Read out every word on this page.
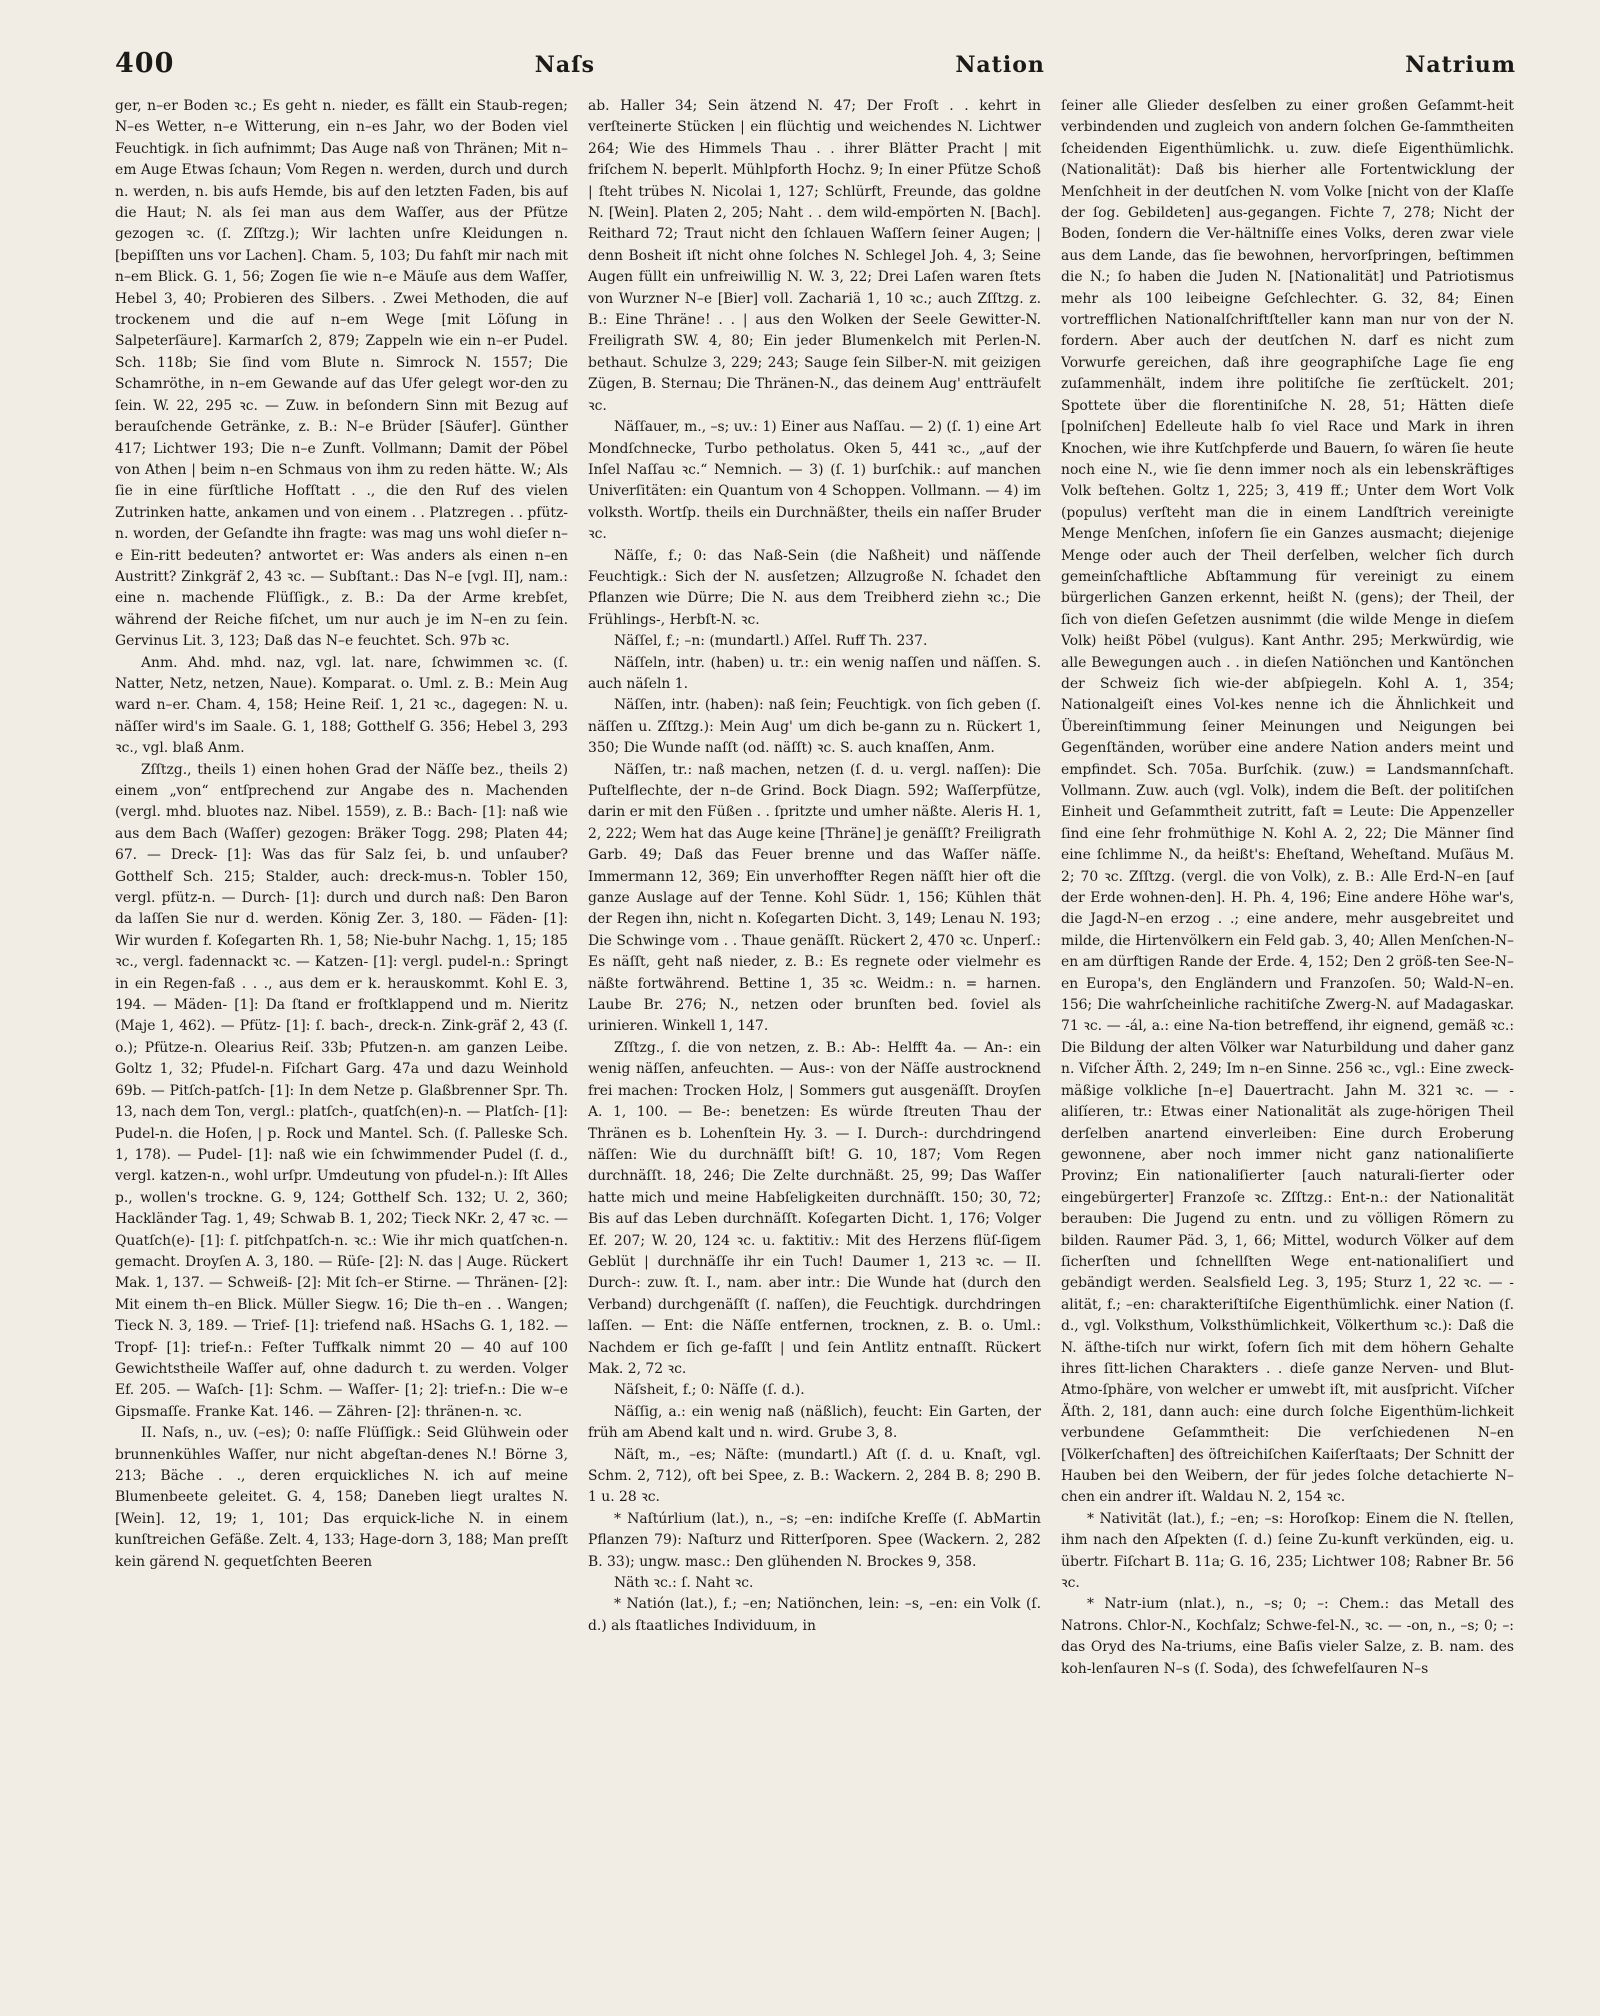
400	Naſs	Nation	Natrium

ger, n–er Boden ꝛc.; Es geht n. nieder, es fällt ein Staub-regen; N–es Wetter, n–e Witterung, ein n–es Jahr, wo der Boden viel Feuchtigk. in ſich aufnimmt; Das Auge naß von Thränen; Mit n–em Auge Etwas ſchaun; Vom Regen n. werden, durch und durch n. werden, n. bis aufs Hemde, bis auf den letzten Faden, bis auf die Haut; N. als ſei man aus dem Waſſer, aus der Pfütze gezogen ꝛc. (ſ. Zſſtzg.); Wir lachten unſre Kleidungen n. [bepiſſten uns vor Lachen]. Cham. 5, 103; Du fahſt mir nach mit n–em Blick. G. 1, 56; Zogen ſie wie n–e Mäuſe aus dem Waſſer, Hebel 3, 40; Probieren des Silbers. . Zwei Methoden, die auf trockenem und die auf n–em Wege [mit Löſung in Salpeterſäure]. Karmarſch 2, 879; Zappeln wie ein n–er Pudel. Sch. 118b; Sie ſind vom Blute n. Simrock N. 1557; Die Schamröthe, in n–em Gewande auf das Ufer gelegt wor-den zu ſein. W. 22, 295 ꝛc. — Zuw. in beſondern Sinn mit Bezug auf berauſchende Getränke, z. B.: N–e Brüder [Säufer]. Günther 417; Lichtwer 193; Die n–e Zunft. Vollmann; Damit der Pöbel von Athen | beim n–en Schmaus von ihm zu reden hätte. W.; Als ſie in eine fürſtliche Hofſtatt . ., die den Ruf des vielen Zutrinken hatte, ankamen und von einem . . Platzregen . . pfütz-n. worden, der Geſandte ihn fragte: was mag uns wohl dieſer n–e Ein-ritt bedeuten? antwortet er: Was anders als einen n–en Austritt? Zinkgräf 2, 43 ꝛc. — Subſtant.: Das N–e [vgl. II], nam.: eine n. machende Flüſſigk., z. B.: Da der Arme krebſet, während der Reiche fiſchet, um nur auch je im N–en zu ſein. Gervinus Lit. 3, 123; Daß das N–e feuchtet. Sch. 97b ꝛc.

Anm. Ahd. mhd. naz, vgl. lat. nare, ſchwimmen ꝛc. (ſ. Natter, Netz, netzen, Naue). Komparat. o. Uml. z. B.: Mein Aug ward n–er. Cham. 4, 158; Heine Reiſ. 1, 21 ꝛc., dagegen: N. u. näſſer wird's im Saale. G. 1, 188; Gotthelf G. 356; Hebel 3, 293 ꝛc., vgl. blaß Anm.

Zſſtzg., theils 1) einen hohen Grad der Näſſe bez., theils 2) einem „von“ entſprechend zur Angabe des n. Machenden (vergl. mhd. bluotes naz. Nibel. 1559), z. B.: Bach- [1]: naß wie aus dem Bach (Waſſer) gezogen: Bräker Togg. 298; Platen 44; 67. — Dreck- [1]: Was das für Salz ſei, b. und unſauber? Gotthelf Sch. 215; Stalder, auch: dreck-mus-n. Tobler 150, vergl. pfütz-n. — Durch- [1]: durch und durch naß: Den Baron da laſſen Sie nur d. werden. König Zer. 3, 180. — Fäden- [1]: Wir wurden f. Koſegarten Rh. 1, 58; Nie-buhr Nachg. 1, 15; 185 ꝛc., vergl. fadennackt ꝛc. — Katzen- [1]: vergl. pudel-n.: Springt in ein Regen-faß . . ., aus dem er k. herauskommt. Kohl E. 3, 194. — Mäden- [1]: Da ſtand er froſtklappend und m. Nieritz (Maje 1, 462). — Pfütz- [1]: ſ. bach-, dreck-n. Zink-gräf 2, 43 (ſ. o.); Pfütze-n. Olearius Reiſ. 33b; Pfutzen-n. am ganzen Leibe. Goltz 1, 32; Pfudel-n. Fiſchart Garg. 47a und dazu Weinhold 69b. — Pitſch-patſch- [1]: In dem Netze p. Glaßbrenner Spr. Th. 13, nach dem Ton, vergl.: platſch-, quatſch(en)-n. — Platſch- [1]: Pudel-n. die Hoſen, | p. Rock und Mantel. Sch. (ſ. Palleske Sch. 1, 178). — Pudel- [1]: naß wie ein ſchwimmender Pudel (ſ. d., vergl. katzen-n., wohl urſpr. Umdeutung von pfudel-n.): Iſt Alles p., wollen's trockne. G. 9, 124; Gotthelf Sch. 132; U. 2, 360; Hackländer Tag. 1, 49; Schwab B. 1, 202; Tieck NKr. 2, 47 ꝛc. — Quatſch(e)- [1]: ſ. pitſchpatſch-n. ꝛc.: Wie ihr mich quatſchen-n. gemacht. Droyſen A. 3, 180. — Rüſe- [2]: N. das | Auge. Rückert Mak. 1, 137. — Schweiß- [2]: Mit ſch–er Stirne. — Thränen- [2]: Mit einem th–en Blick. Müller Siegw. 16; Die th–en . . Wangen; Tieck N. 3, 189. — Trief- [1]: triefend naß. HSachs G. 1, 182. — Tropf- [1]: trief-n.: Feſter Tuffkalk nimmt 20 — 40 auf 100 Gewichtstheile Waſſer auf, ohne dadurch t. zu werden. Volger Ef. 205. — Waſch- [1]: Schm. — Waſſer- [1; 2]: trief-n.: Die w–e Gipsmaſſe. Franke Kat. 146. — Zähren- [2]: thränen-n. ꝛc.

II. Naſs, n., uv. (–es); 0: naſſe Flüſſigk.: Seid Glühwein oder brunnenkühles Waſſer, nur nicht abgeſtan-denes N.! Börne 3, 213; Bäche . ., deren erquickliches N. ich auf meine Blumenbeete geleitet. G. 4, 158; Daneben liegt uraltes N. [Wein]. 12, 19; 1, 101; Das erquick-liche N. in einem kunſtreichen Gefäße. Zelt. 4, 133; Hage-dorn 3, 188; Man preſſt kein gärend N. gequetſchten Beeren

ab. Haller 34; Sein ätzend N. 47; Der Froſt . . kehrt in verſteinerte Stücken | ein flüchtig und weichendes N. Lichtwer 264; Wie des Himmels Thau . . ihrer Blätter Pracht | mit friſchem N. beperlt. Mühlpforth Hochz. 9; In einer Pfütze Schoß | ſteht trübes N. Nicolai 1, 127; Schlürft, Freunde, das goldne N. [Wein]. Platen 2, 205; Naht . . dem wild-empörten N. [Bach]. Reithard 72; Traut nicht den ſchlauen Waſſern ſeiner Augen; | denn Bosheit iſt nicht ohne ſolches N. Schlegel Joh. 4, 3; Seine Augen füllt ein unfreiwillig N. W. 3, 22; Drei Laſen waren ſtets von Wurzner N–e [Bier] voll. Zachariä 1, 10 ꝛc.; auch Zſſtzg. z. B.: Eine Thräne! . . | aus den Wolken der Seele Gewitter-N. Freiligrath SW. 4, 80; Ein jeder Blumenkelch mit Perlen-N. bethaut. Schulze 3, 229; 243; Sauge ſein Silber-N. mit geizigen Zügen, B. Sternau; Die Thränen-N., das deinem Aug' entträufelt ꝛc.

Näſſauer, m., –s; uv.: 1) Einer aus Naſſau. — 2) (ſ. 1) eine Art Mondſchnecke, Turbo petholatus. Oken 5, 441 ꝛc., „auf der Inſel Naſſau ꝛc.“ Nemnich. — 3) (ſ. 1) burſchik.: auf manchen Univerſitäten: ein Quantum von 4 Schoppen. Vollmann. — 4) im volksth. Wortſp. theils ein Durchnäßter, theils ein naſſer Bruder ꝛc.

Näſſe, f.; 0: das Naß-Sein (die Naßheit) und näſſende Feuchtigk.: Sich der N. ausſetzen; Allzugroße N. ſchadet den Pflanzen wie Dürre; Die N. aus dem Treibherd ziehn ꝛc.; Die Frühlings-, Herbſt-N. ꝛc.

Näſſel, f.; –n: (mundartl.) Aſſel. Ruff Th. 237.

Näſſeln, intr. (haben) u. tr.: ein wenig naſſen und näſſen. S. auch näſeln 1.

Näſſen, intr. (haben): naß ſein; Feuchtigk. von ſich geben (ſ. näſſen u. Zſſtzg.): Mein Aug' um dich be-gann zu n. Rückert 1, 350; Die Wunde naſſt (od. näſſt) ꝛc. S. auch knaſſen, Anm.

Näſſen, tr.: naß machen, netzen (ſ. d. u. vergl. naſſen): Die Puſtelflechte, der n–de Grind. Bock Diagn. 592; Waſſerpfütze, darin er mit den Füßen . . ſpritzte und umher näßte. Aleris H. 1, 2, 222; Wem hat das Auge keine [Thräne] je genäſſt? Freiligrath Garb. 49; Daß das Feuer brenne und das Waſſer näſſe. Immermann 12, 369; Ein unverhoffter Regen näſſt hier oft die ganze Auslage auf der Tenne. Kohl Südr. 1, 156; Kühlen thät der Regen ihn, nicht n. Koſegarten Dicht. 3, 149; Lenau N. 193; Die Schwinge vom . . Thaue genäſſt. Rückert 2, 470 ꝛc. Unperſ.: Es näſſt, geht naß nieder, z. B.: Es regnete oder vielmehr es näßte fortwährend. Bettine 1, 35 ꝛc. Weidm.: n. = harnen. Laube Br. 276; N., netzen oder brunſten bed. ſoviel als urinieren. Winkell 1, 147.

Zſſtzg., ſ. die von netzen, z. B.: Ab-: Helfft 4a. — An-: ein wenig näſſen, anfeuchten. — Aus-: von der Näſſe austrocknend frei machen: Trocken Holz, | Sommers gut ausgenäſſt. Droyſen A. 1, 100. — Be-: benetzen: Es würde ſtreuten Thau der Thränen es b. Lohenſtein Hy. 3. — I. Durch-: durchdringend näſſen: Wie du durchnäſſt biſt! G. 10, 187; Vom Regen durchnäſſt. 18, 246; Die Zelte durchnäßt. 25, 99; Das Waſſer hatte mich und meine Habſeligkeiten durchnäſſt. 150; 30, 72; Bis auf das Leben durchnäſſt. Koſegarten Dicht. 1, 176; Volger Ef. 207; W. 20, 124 ꝛc. u. faktitiv.: Mit des Herzens flüſ-ſigem Geblüt | durchnäſſe ihr ein Tuch! Daumer 1, 213 ꝛc. — II. Durch-: zuw. ſt. I., nam. aber intr.: Die Wunde hat (durch den Verband) durchgenäſſt (ſ. naſſen), die Feuchtigk. durchdringen laſſen. — Ent: die Näſſe entfernen, trocknen, z. B. o. Uml.: Nachdem er ſich ge-faſſt | und ſein Antlitz entnaſſt. Rückert Mak. 2, 72 ꝛc.

Näſsheit, f.; 0: Näſſe (ſ. d.).

Näſſig, a.: ein wenig naß (näßlich), feucht: Ein Garten, der früh am Abend kalt und n. wird. Grube 3, 8.

Näſt, m., –es; Näſte: (mundartl.) Aſt (ſ. d. u. Knaſt, vgl. Schm. 2, 712), oft bei Spee, z. B.: Wackern. 2, 284 B. 8; 290 B. 1 u. 28 ꝛc.

* Naſtúrlium (lat.), n., –s; –en: indiſche Kreſſe (ſ. AbMartin Pflanzen 79): Naſturz und Ritterſporen. Spee (Wackern. 2, 282 B. 33); ungw. masc.: Den glühenden N. Brockes 9, 358.

Näth ꝛc.: ſ. Naht ꝛc.

* Natión (lat.), f.; –en; Natiönchen, lein: –s, –en: ein Volk (ſ. d.) als ſtaatliches Individuum, in

ſeiner alle Glieder desſelben zu einer großen Geſammt-heit verbindenden und zugleich von andern ſolchen Ge-ſammtheiten ſcheidenden Eigenthümlichk. u. zuw. dieſe Eigenthümlichk. (Nationalität): Daß bis hierher alle Fortentwicklung der Menſchheit in der deutſchen N. vom Volke [nicht von der Klaſſe der ſog. Gebildeten] aus-gegangen. Fichte 7, 278; Nicht der Boden, ſondern die Ver-hältniſſe eines Volks, deren zwar viele aus dem Lande, das ſie bewohnen, hervorſpringen, beſtimmen die N.; ſo haben die Juden N. [Nationalität] und Patriotismus mehr als 100 leibeigne Geſchlechter. G. 32, 84; Einen vortrefflichen Nationalſchriftſteller kann man nur von der N. fordern. Aber auch der deutſchen N. darf es nicht zum Vorwurfe gereichen, daß ihre geographiſche Lage ſie eng zuſammenhält, indem ihre politiſche ſie zerſtückelt. 201; Spottete über die florentiniſche N. 28, 51; Hätten dieſe [polniſchen] Edelleute halb ſo viel Race und Mark in ihren Knochen, wie ihre Kutſchpferde und Bauern, ſo wären ſie heute noch eine N., wie ſie denn immer noch als ein lebenskräftiges Volk beſtehen. Goltz 1, 225; 3, 419 ff.; Unter dem Wort Volk (populus) verſteht man die in einem Landſtrich vereinigte Menge Menſchen, inſofern ſie ein Ganzes ausmacht; diejenige Menge oder auch der Theil derſelben, welcher ſich durch gemeinſchaftliche Abſtammung für vereinigt zu einem bürgerlichen Ganzen erkennt, heißt N. (gens); der Theil, der ſich von dieſen Geſetzen ausnimmt (die wilde Menge in dieſem Volk) heißt Pöbel (vulgus). Kant Anthr. 295; Merkwürdig, wie alle Bewegungen auch . . in dieſen Natiönchen und Kantönchen der Schweiz ſich wie-der abſpiegeln. Kohl A. 1, 354; Nationalgeiſt eines Vol-kes nenne ich die Ähnlichkeit und Übereinſtimmung ſeiner Meinungen und Neigungen bei Gegenſtänden, worüber eine andere Nation anders meint und empfindet. Sch. 705a. Burſchik. (zuw.) = Landsmannſchaft. Vollmann. Zuw. auch (vgl. Volk), indem die Beſt. der politiſchen Einheit und Geſammtheit zutritt, faſt = Leute: Die Appenzeller ſind eine ſehr frohmüthige N. Kohl A. 2, 22; Die Männer ſind eine ſchlimme N., da heißt's: Eheſtand, Weheſtand. Muſäus M. 2; 70 ꝛc. Zſſtzg. (vergl. die von Volk), z. B.: Alle Erd-N–en [auf der Erde wohnen-den]. H. Ph. 4, 196; Eine andere Höhe war's, die Jagd-N–en erzog . .; eine andere, mehr ausgebreitet und milde, die Hirtenvölkern ein Feld gab. 3, 40; Allen Menſchen-N–en am dürftigen Rande der Erde. 4, 152; Den 2 größ-ten See-N–en Europa's, den Engländern und Franzoſen. 50; Wald-N–en. 156; Die wahrſcheinliche rachitiſche Zwerg-N. auf Madagaskar. 71 ꝛc. — -ál, a.: eine Na-tion betreffend, ihr eignend, gemäß ꝛc.: Die Bildung der alten Völker war Naturbildung und daher ganz n. Viſcher Äſth. 2, 249; Im n–en Sinne. 256 ꝛc., vgl.: Eine zweck-mäßige volkliche [n–e] Dauertracht. Jahn M. 321 ꝛc. — -aliſíeren, tr.: Etwas einer Nationalität als zuge-hörigen Theil derſelben anartend einverleiben: Eine durch Eroberung gewonnene, aber noch immer nicht ganz nationaliſierte Provinz; Ein nationaliſierter [auch naturali-ſierter oder eingebürgerter] Franzoſe ꝛc. Zſſtzg.: Ent-n.: der Nationalität berauben: Die Jugend zu entn. und zu völligen Römern zu bilden. Raumer Päd. 3, 1, 66; Mittel, wodurch Völker auf dem ſicherſten und ſchnellſten Wege ent-nationaliſiert und gebändigt werden. Sealsfield Leg. 3, 195; Sturz 1, 22 ꝛc. — -alität, f.; –en: charakteriſtiſche Eigenthümlichk. einer Nation (ſ. d., vgl. Volksthum, Volksthümlichkeit, Völkerthum ꝛc.): Daß die N. äſthe-tiſch nur wirkt, ſofern ſich mit dem höhern Gehalte ihres ſitt-lichen Charakters . . dieſe ganze Nerven- und Blut-Atmo-ſphäre, von welcher er umwebt iſt, mit ausſpricht. Viſcher Äſth. 2, 181, dann auch: eine durch ſolche Eigenthüm-lichkeit verbundene Geſammtheit: Die verſchiedenen N–en [Völkerſchaften] des öſtreichiſchen Kaiſerſtaats; Der Schnitt der Hauben bei den Weibern, der für jedes ſolche detachierte N–chen ein andrer iſt. Waldau N. 2, 154 ꝛc.

* Nativität (lat.), f.; –en; –s: Horoſkop: Einem die N. ſtellen, ihm nach den Aſpekten (ſ. d.) ſeine Zu-kunft verkünden, eig. u. übertr. Fiſchart B. 11a; G. 16, 235; Lichtwer 108; Rabner Br. 56 ꝛc.

* Natr-ium (nlat.), n., –s; 0; –: Chem.: das Metall des Natrons. Chlor-N., Kochſalz; Schwe-fel-N., ꝛc. — -on, n., –s; 0; –: das Oryd des Na-triums, eine Baſis vieler Salze, z. B. nam. des koh-lenſauren N–s (ſ. Soda), des ſchwefelſauren N–s
